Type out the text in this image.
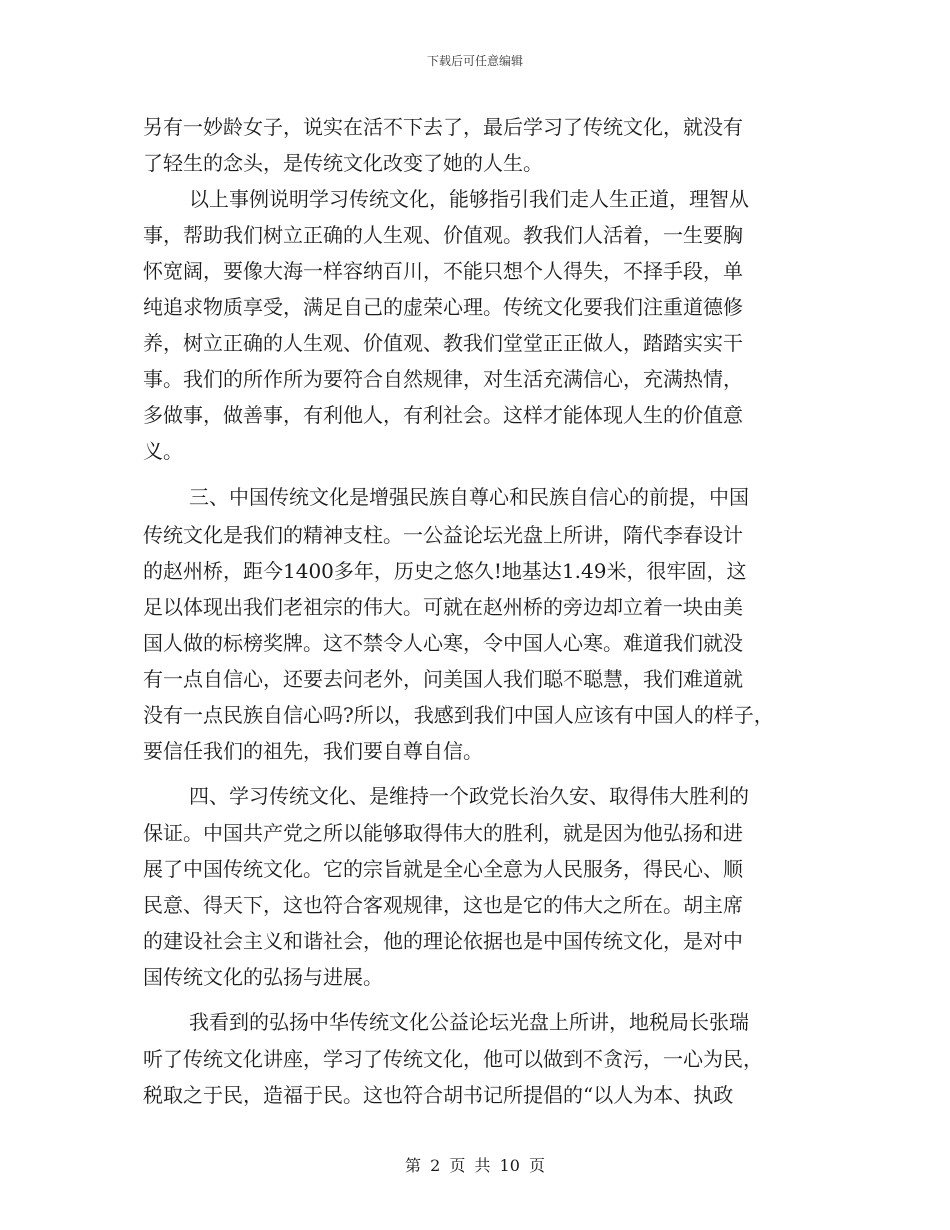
下载后可任意编辑
另有一妙龄女子，说实在活不下去了，最后学习了传统文化，就没有
了轻生的念头，是传统文化改变了她的人生。
以上事例说明学习传统文化，能够指引我们走人生正道，理智从
事，帮助我们树立正确的人生观、价值观。教我们人活着，一生要胸
怀宽阔，要像大海一样容纳百川，不能只想个人得失，不择手段，单
纯追求物质享受，满足自己的虚荣心理。传统文化要我们注重道德修
养，树立正确的人生观、价值观、教我们堂堂正正做人，踏踏实实干
事。我们的所作所为要符合自然规律，对生活充满信心，充满热情，
多做事，做善事，有利他人，有利社会。这样才能体现人生的价值意
义。
三、中国传统文化是增强民族自尊心和民族自信心的前提，中国
传统文化是我们的精神支柱。一公益论坛光盘上所讲，隋代李春设计
的赵州桥，距今1400多年，历史之悠久!地基达1.49米，很牢固，这
足以体现出我们老祖宗的伟大。可就在赵州桥的旁边却立着一块由美
国人做的标榜奖牌。这不禁令人心寒，令中国人心寒。难道我们就没
有一点自信心，还要去问老外，问美国人我们聪不聪慧，我们难道就
没有一点民族自信心吗?所以，我感到我们中国人应该有中国人的样子，
要信任我们的祖先，我们要自尊自信。
四、学习传统文化、是维持一个政党长治久安、取得伟大胜利的
保证。中国共产党之所以能够取得伟大的胜利，就是因为他弘扬和进
展了中国传统文化。它的宗旨就是全心全意为人民服务，得民心、顺
民意、得天下，这也符合客观规律，这也是它的伟大之所在。胡主席
的建设社会主义和谐社会，他的理论依据也是中国传统文化，是对中
国传统文化的弘扬与进展。
我看到的弘扬中华传统文化公益论坛光盘上所讲，地税局长张瑞
听了传统文化讲座，学习了传统文化，他可以做到不贪污，一心为民，
税取之于民，造福于民。这也符合胡书记所提倡的“以人为本、执政
第 2 页 共 10 页
